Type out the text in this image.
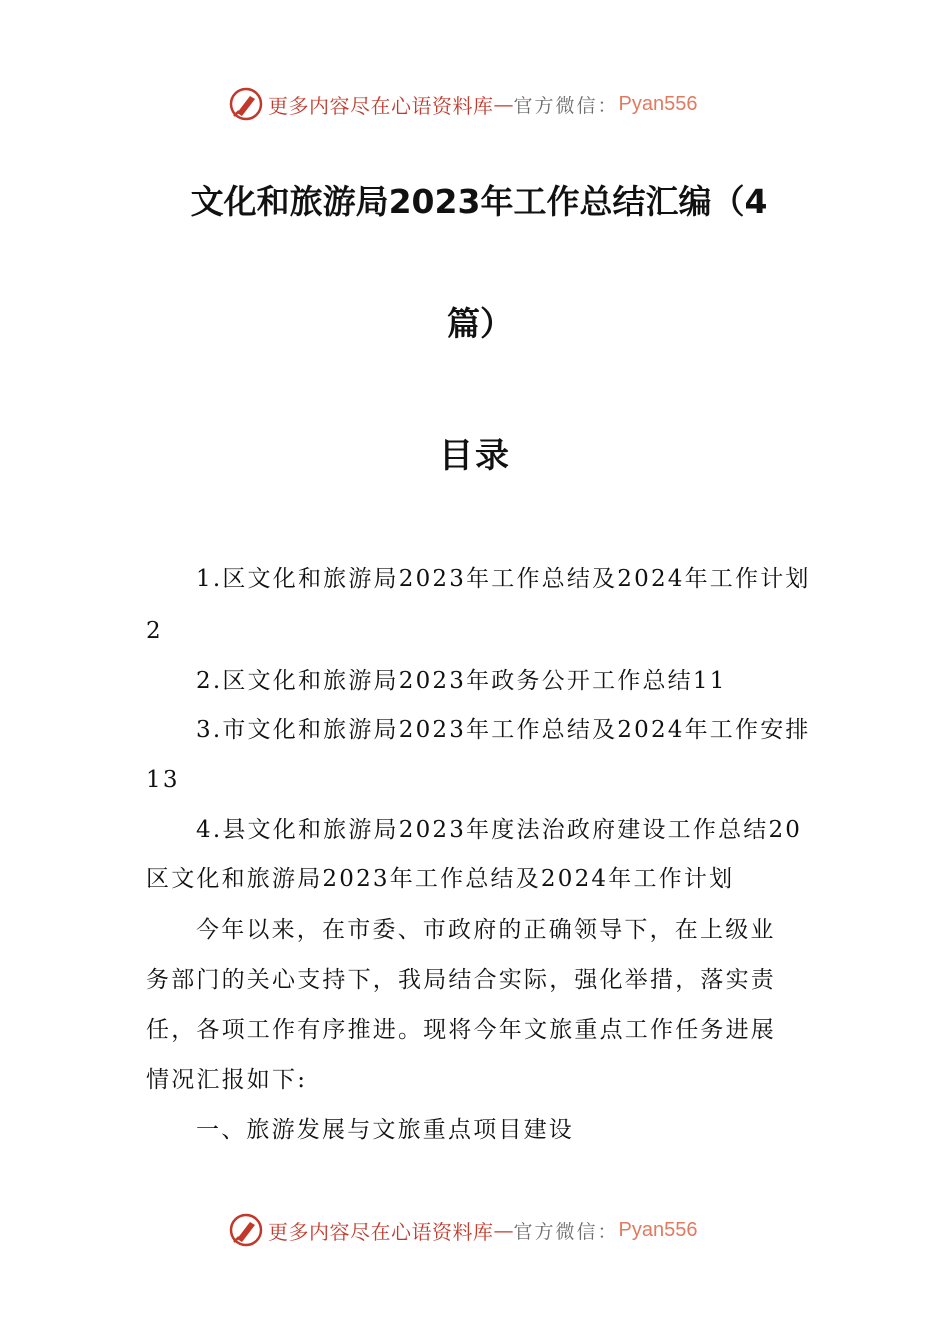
更多内容尽在心语资料库 — 官方微信： Pyan556
文化和旅游局2023年工作总结汇编（4
篇）
目录
1.区文化和旅游局2023年工作总结及2024年工作计划
2
2.区文化和旅游局2023年政务公开工作总结11
3.市文化和旅游局2023年工作总结及2024年工作安排
13
4.县文化和旅游局2023年度法治政府建设工作总结20
区文化和旅游局2023年工作总结及2024年工作计划
今年以来，在市委、市政府的正确领导下，在上级业
务部门的关心支持下，我局结合实际，强化举措，落实责
任，各项工作有序推进。现将今年文旅重点工作任务进展
情况汇报如下:
一、旅游发展与文旅重点项目建设
更多内容尽在心语资料库 — 官方微信： Pyan556
